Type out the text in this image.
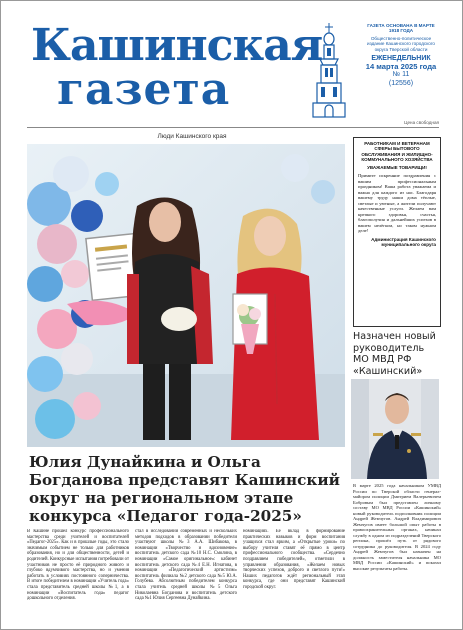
Кашинская
газета
ГАЗЕТА ОСНОВАНА В МАРТЕ 1918 ГОДА
Общественно-политическое издание Кашинского городского округа Тверской области
ЕЖЕНЕДЕЛЬНИК
14 марта 2025 года
№ 11
(12556)
Цена свободная
Люди Кашинского края
Юлия Дунайкина и Ольга Богданова представят Кашинский округ на региональном этапе конкурса «Педагог года-2025»
В Кашине прошёл конкурс профессионального мастерства среди учителей и воспитателей «Педагог-2025». Как и в прошлые годы, это стало значимым событием не только для работников образования, но и для общественности, детей и родителей. Конкурсные испытания потребовали от участников не просто её природного живого и глубоко вдумчивого мастерства, но и умения работать в условиях постоянного соперничества. В итоге победителем в номинации «Учитель года» стала представитель средней школы №1, а в номинации «Воспитатель года» педагог дошкольного отделения.
стал в исследовании современных и нескольких методов подходов в образовании победители участвуют школы №3 А.А. Шибакова, в номинации «Творчество и вдохновение» воспитатель детского сада №10 Н.С. Смолина, в номинации «Самое оригинальное»: кабинет воспитатель детского сада №4 Е.Н. Игнатова, в номинации «Педагогический артистизм» воспитатель филиала №2 детского сада №5 Ю.А. Голубева. Абсолютным победителем конкурса стала учитель средней школы №5 Ольга Николаевна Богданова и воспитатель детского сада №1 Юлия Сергеевна Дунайкина.
номинациях. Её вклад в формирование практических навыков и форм воспитания учащихся стал ярким, а «Открытые уроки» по выбору учителя ставят её прямо в центр профессионального сообщества. «Сердечно поздравляем победителей», отметили в управлении образования, «Желаем новых творческих успехов, доброго и светлого пути!» Наших педагогов ждёт региональный этап конкурса, где они представят Кашинский городской округ.
РАБОТНИКАМ И ВЕТЕРАНАМ СФЕРЫ БЫТОВОГО ОБСЛУЖИВАНИЯ И ЖИЛИЩНО-КОММУНАЛЬНОГО ХОЗЯЙСТВА
УВАЖАЕМЫЕ ТОВАРИЩИ!
Примите искренние поздравления с вашим профессиональным праздником! Ваша работа уважаема и важна для каждого из нас. Благодаря вашему труду наши дома тёплые, светлые и уютные, а жители получают качественные услуги. Желаем вам крепкого здоровья, счастья, благополучия и дальнейших успехов в вашем нелёгком, но таком нужном деле!
Администрация Кашинского муниципального округа
Назначен новый руководитель МО МВД РФ «Кашинский»
В марте 2025 года начальником УМВД России по Тверской области генерал-майором полиции Дмитрием Валерьевичем Бобровым был представлен личному составу МО МВД России «Кашинский» новый руководитель подполковник полиции Андрей Жемчугов. Андрей Владимирович Жемчугов имеет большой опыт работы в правоохранительных органах, начинал службу в одном из подразделений Тверского региона, прошёл путь от рядового сотрудника до руководителя. В 2024 году Андрей Жемчугов был назначен на должность заместителя начальника МО МВД России «Кашинский» и показал высокие результаты работы.
